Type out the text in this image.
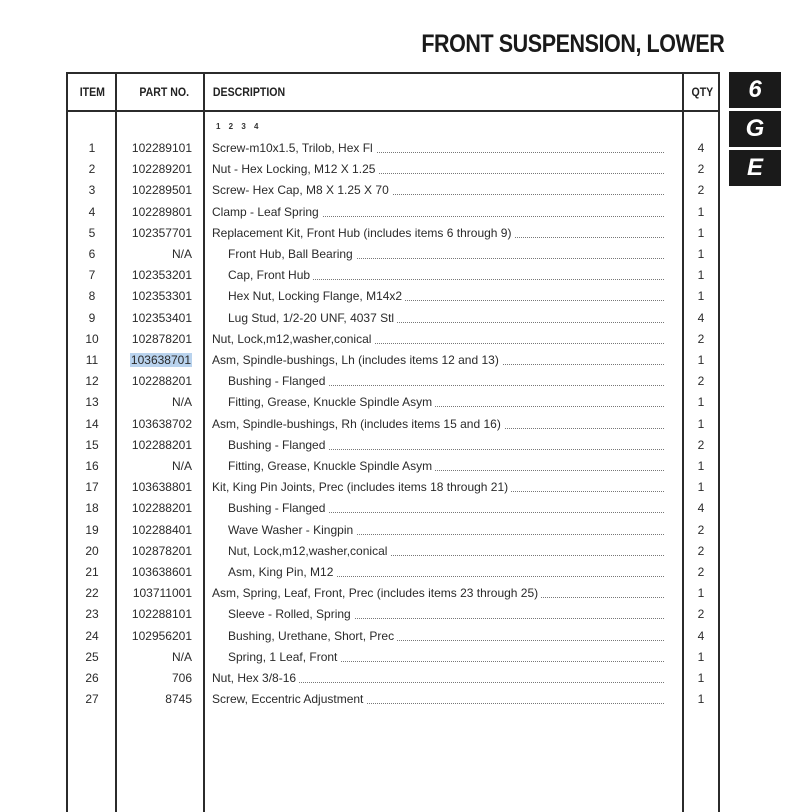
FRONT SUSPENSION, LOWER
ITEM	PART NO. DESCRIPTION	QTY
1 2 3 4
1	102289101 Screw-m10x1.5, Trilob, Hex Fl	4
2	102289201 Nut - Hex Locking, M12 X 1.25	2
3	102289501 Screw- Hex Cap, M8 X 1.25 X 70	2
4	102289801 Clamp - Leaf Spring	1
5	102357701 Replacement Kit, Front Hub (includes items 6 through 9)	1
6	N/A	Front Hub, Ball Bearing	1
7	102353201	Cap, Front Hub	1
8	102353301	Hex Nut, Locking Flange, M14x2	1
9	102353401	Lug Stud, 1/2-20 UNF, 4037 Stl	4
10	102878201 Nut, Lock,m12,washer,conical	2
11	103638701 Asm, Spindle-bushings, Lh (includes items 12 and 13)	1
12	102288201	Bushing - Flanged	2
13	N/A	Fitting, Grease, Knuckle Spindle Asym	1
14	103638702 Asm, Spindle-bushings, Rh (includes items 15 and 16)	1
15	102288201	Bushing - Flanged	2
16	N/A	Fitting, Grease, Knuckle Spindle Asym	1
17	103638801 Kit, King Pin Joints, Prec (includes items 18 through 21)	1
18	102288201	Bushing - Flanged	4
19	102288401	Wave Washer - Kingpin	2
20	102878201	Nut, Lock,m12,washer,conical	2
21	103638601	Asm, King Pin, M12	2
22	103711001 Asm, Spring, Leaf, Front, Prec (includes items 23 through 25)	1
23	102288101	Sleeve - Rolled, Spring	2
24	102956201	Bushing, Urethane, Short, Prec	4
25	N/A	Spring, 1 Leaf, Front	1
26	706 Nut, Hex 3/8-16	1
27	8745 Screw, Eccentric Adjustment	1
6
G
E
